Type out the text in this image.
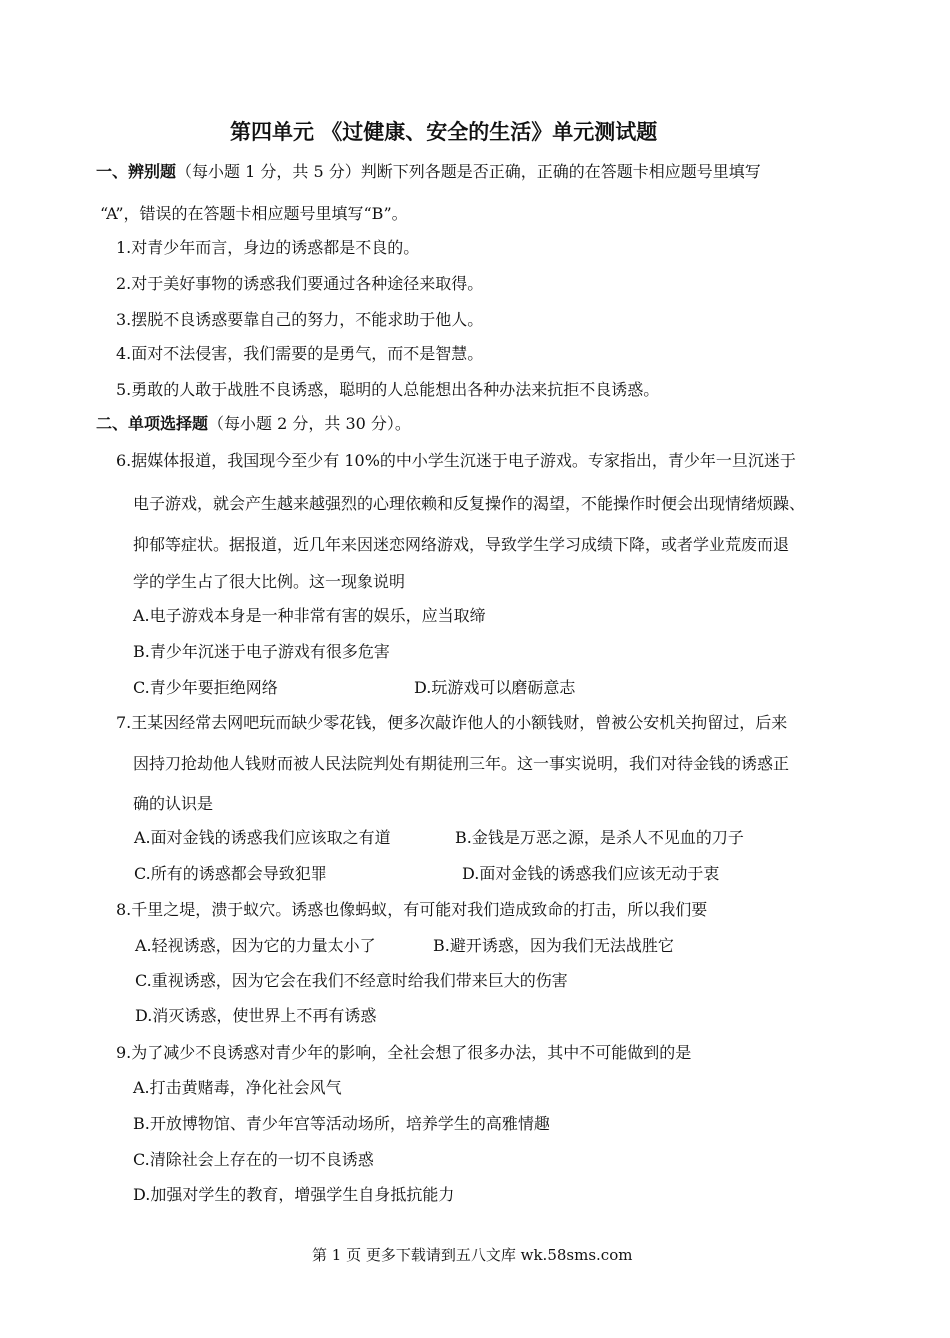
第四单元 《过健康、安全的生活》单元测试题
一、辨别题（每小题 1 分，共 5 分）判断下列各题是否正确，正确的在答题卡相应题号里填写
“A”，错误的在答题卡相应题号里填写“B”。
1.对青少年而言，身边的诱惑都是不良的。
2.对于美好事物的诱惑我们要通过各种途径来取得。
3.摆脱不良诱惑要靠自己的努力，不能求助于他人。
4.面对不法侵害，我们需要的是勇气，而不是智慧。
5.勇敢的人敢于战胜不良诱惑，聪明的人总能想出各种办法来抗拒不良诱惑。
二、单项选择题（每小题 2 分，共 30 分）。
6.据媒体报道，我国现今至少有 10%的中小学生沉迷于电子游戏。专家指出，青少年一旦沉迷于
电子游戏，就会产生越来越强烈的心理依赖和反复操作的渴望，不能操作时便会出现情绪烦躁、
抑郁等症状。据报道，近几年来因迷恋网络游戏，导致学生学习成绩下降，或者学业荒废而退
学的学生占了很大比例。这一现象说明
A.电子游戏本身是一种非常有害的娱乐，应当取缔
B.青少年沉迷于电子游戏有很多危害
C.青少年要拒绝网络	D.玩游戏可以磨砺意志
7.王某因经常去网吧玩而缺少零花钱，便多次敲诈他人的小额钱财，曾被公安机关拘留过，后来
因持刀抢劫他人钱财而被人民法院判处有期徒刑三年。这一事实说明，我们对待金钱的诱惑正
确的认识是
A.面对金钱的诱惑我们应该取之有道	B.金钱是万恶之源，是杀人不见血的刀子
C.所有的诱惑都会导致犯罪	D.面对金钱的诱惑我们应该无动于衷
8.千里之堤，溃于蚁穴。诱惑也像蚂蚁，有可能对我们造成致命的打击，所以我们要
A.轻视诱惑，因为它的力量太小了	B.避开诱惑，因为我们无法战胜它
C.重视诱惑，因为它会在我们不经意时给我们带来巨大的伤害
D.消灭诱惑，使世界上不再有诱惑
9.为了减少不良诱惑对青少年的影响，全社会想了很多办法，其中不可能做到的是
A.打击黄赌毒，净化社会风气
B.开放博物馆、青少年宫等活动场所，培养学生的高雅情趣
C.清除社会上存在的一切不良诱惑
D.加强对学生的教育，增强学生自身抵抗能力
第 1 页 更多下载请到五八文库 wk.58sms.com
